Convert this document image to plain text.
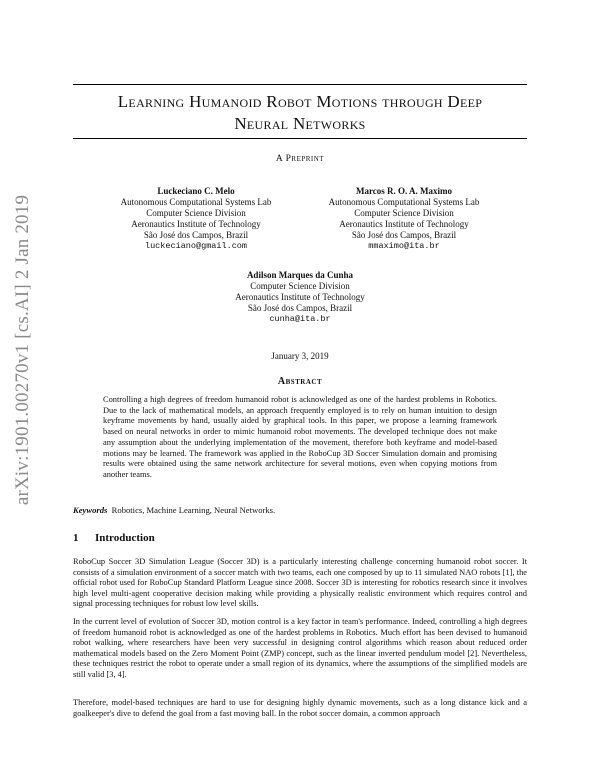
arXiv:1901.00270v1 [cs.AI] 2 Jan 2019
Learning Humanoid Robot Motions through Deep
Neural Networks
A Preprint
Luckeciano C. Melo
Autonomous Computational Systems Lab
Computer Science Division
Aeronautics Institute of Technology
São José dos Campos, Brazil
luckeciano@gmail.com
Marcos R. O. A. Maximo
Autonomous Computational Systems Lab
Computer Science Division
Aeronautics Institute of Technology
São José dos Campos, Brazil
mmaximo@ita.br
Adilson Marques da Cunha
Computer Science Division
Aeronautics Institute of Technology
São José dos Campos, Brazil
cunha@ita.br
January 3, 2019
Abstract
Controlling a high degrees of freedom humanoid robot is acknowledged as one of the hardest problems in Robotics. Due to the lack of mathematical models, an approach frequently employed is to rely on human intuition to design keyframe movements by hand, usually aided by graphical tools. In this paper, we propose a learning framework based on neural networks in order to mimic humanoid robot movements. The developed technique does not make any assumption about the underlying implementation of the movement, therefore both keyframe and model-based motions may be learned. The framework was applied in the RoboCup 3D Soccer Simulation domain and promising results were obtained using the same network architecture for several motions, even when copying motions from another teams.
Keywords Robotics, Machine Learning, Neural Networks.
1 Introduction
RoboCup Soccer 3D Simulation League (Soccer 3D) is a particularly interesting challenge concerning humanoid robot soccer. It consists of a simulation environment of a soccer match with two teams, each one composed by up to 11 simulated NAO robots [1], the official robot used for RoboCup Standard Platform League since 2008. Soccer 3D is interesting for robotics research since it involves high level multi-agent cooperative decision making while providing a physically realistic environment which requires control and signal processing techniques for robust low level skills.
In the current level of evolution of Soccer 3D, motion control is a key factor in team's performance. Indeed, controlling a high degrees of freedom humanoid robot is acknowledged as one of the hardest problems in Robotics. Much effort has been devised to humanoid robot walking, where researchers have been very successful in designing control algorithms which reason about reduced order mathematical models based on the Zero Moment Point (ZMP) concept, such as the linear inverted pendulum model [2]. Nevertheless, these techniques restrict the robot to operate under a small region of its dynamics, where the assumptions of the simplified models are still valid [3, 4].
Therefore, model-based techniques are hard to use for designing highly dynamic movements, such as a long distance kick and a goalkeeper's dive to defend the goal from a fast moving ball. In the robot soccer domain, a common approach
